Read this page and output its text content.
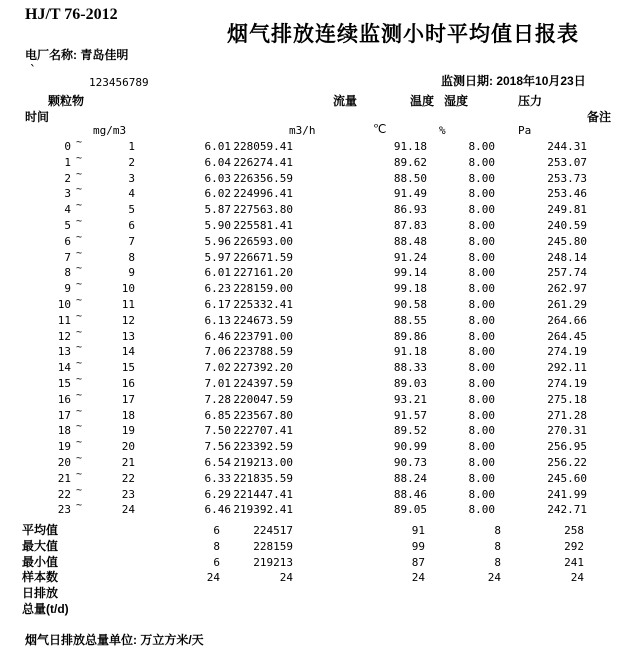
HJ/T 76-2012
烟气排放连续监测小时平均值日报表
电厂名称: 青岛佳明
`
123456789	监测日期: 2018年10月23日
颗粒物	流量	温度 湿度	压力
时间	备注
mg/m3	m3/h	℃	%	Pa
0 ~	1	6.01 228059.41	91.18	8.00	244.31
1 ~	2	6.04 226274.41	89.62	8.00	253.07
2 ~	3	6.03 226356.59	88.50	8.00	253.73
3 ~	4	6.02 224996.41	91.49	8.00	253.46
4 ~	5	5.87 227563.80	86.93	8.00	249.81
5 ~	6	5.90 225581.41	87.83	8.00	240.59
6 ~	7	5.96 226593.00	88.48	8.00	245.80
7 ~	8	5.97 226671.59	91.24	8.00	248.14
8 ~	9	6.01 227161.20	99.14	8.00	257.74
9 ~	10	6.23 228159.00	99.18	8.00	262.97
10 ~	11	6.17 225332.41	90.58	8.00	261.29
11 ~	12	6.13 224673.59	88.55	8.00	264.66
12 ~	13	6.46 223791.00	89.86	8.00	264.45
13 ~	14	7.06 223788.59	91.18	8.00	274.19
14 ~	15	7.02 227392.20	88.33	8.00	292.11
15 ~	16	7.01 224397.59	89.03	8.00	274.19
16 ~	17	7.28 220047.59	93.21	8.00	275.18
17 ~	18	6.85 223567.80	91.57	8.00	271.28
18 ~	19	7.50 222707.41	89.52	8.00	270.31
19 ~	20	7.56 223392.59	90.99	8.00	256.95
20 ~	21	6.54 219213.00	90.73	8.00	256.22
21 ~	22	6.33 221835.59	88.24	8.00	245.60
22 ~	23	6.29 221447.41	88.46	8.00	241.99
23 ~	24	6.46 219392.41	89.05	8.00	242.71
平均值	6	224517	91	8	258
最大值	8	228159	99	8	292
最小值	6	219213	87	8	241
样本数	24	24	24	24	24
日排放
总量(t/d)
烟气日排放总量单位: 万立方米/天
